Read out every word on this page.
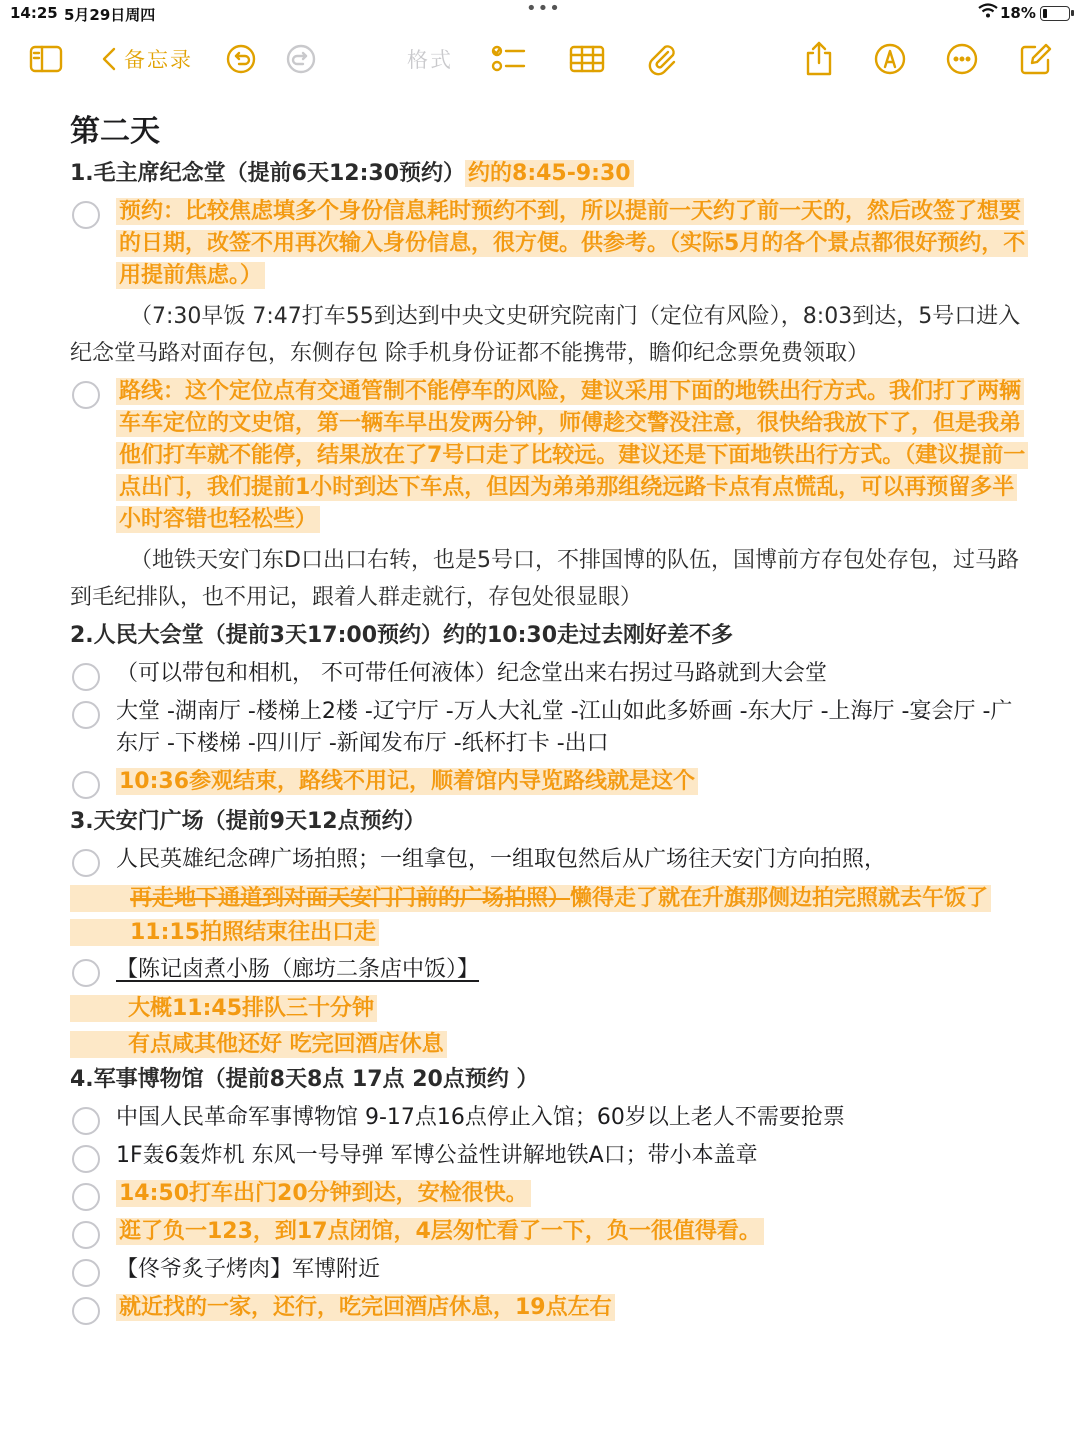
14:25 5月29日周四	•••	18%
备忘录	格式
第二天
1.毛主席纪念堂（提前6天12:30预约） 约的8:45-9:30
预约：比较焦虑填多个身份信息耗时预约不到，所以提前一天约了前一天的，然后改签了想要的日期，改签不用再次输入身份信息，很方便。供参考。（实际5月的各个景点都很好预约，不用提前焦虑。）
（7:30早饭 7:47打车55到达到中央文史研究院南门（定位有风险），8:03到达，5号口进入纪念堂马路对面存包，东侧存包 除手机身份证都不能携带，瞻仰纪念票免费领取）
路线：这个定位点有交通管制不能停车的风险，建议采用下面的地铁出行方式。我们打了两辆车车定位的文史馆，第一辆车早出发两分钟，师傅趁交警没注意，很快给我放下了，但是我弟他们打车就不能停，结果放在了7号口走了比较远。建议还是下面地铁出行方式。（建议提前一点出门，我们提前1小时到达下车点，但因为弟弟那组绕远路卡点有点慌乱，可以再预留多半小时容错也轻松些）
（地铁天安门东D口出口右转，也是5号口，不排国博的队伍，国博前方存包处存包，过马路到毛纪排队，也不用记，跟着人群走就行，存包处很显眼）
2.人民大会堂（提前3天17:00预约）约的10:30走过去刚好差不多
（可以带包和相机， 不可带任何液体）纪念堂出来右拐过马路就到大会堂
大堂 -湖南厅 -楼梯上2楼 -辽宁厅 -万人大礼堂 -江山如此多娇画 -东大厅 -上海厅 -宴会厅 -广东厅 -下楼梯 -四川厅 -新闻发布厅 -纸杯打卡 -出口
10:36参观结束，路线不用记，顺着馆内导览路线就是这个
3.天安门广场（提前9天12点预约）
人民英雄纪念碑广场拍照；一组拿包，一组取包然后从广场往天安门方向拍照，
再走地下通道到对面天安门门前的广场拍照）懒得走了就在升旗那侧边拍完照就去午饭了11:15拍照结束往出口走
【陈记卤煮小肠（廊坊二条店中饭）】
大概11:45排队三十分钟
有点咸其他还好 吃完回酒店休息
4.军事博物馆（提前8天8点 17点 20点预约 ）
中国人民革命军事博物馆 9-17点16点停止入馆；60岁以上老人不需要抢票
1F轰6轰炸机 东风一号导弹 军博公益性讲解地铁A口；带小本盖章
14:50打车出门20分钟到达，安检很快。
逛了负一123，到17点闭馆，4层匆忙看了一下，负一很值得看。
【佟爷炙子烤肉】军博附近
就近找的一家，还行，吃完回酒店休息，19点左右
